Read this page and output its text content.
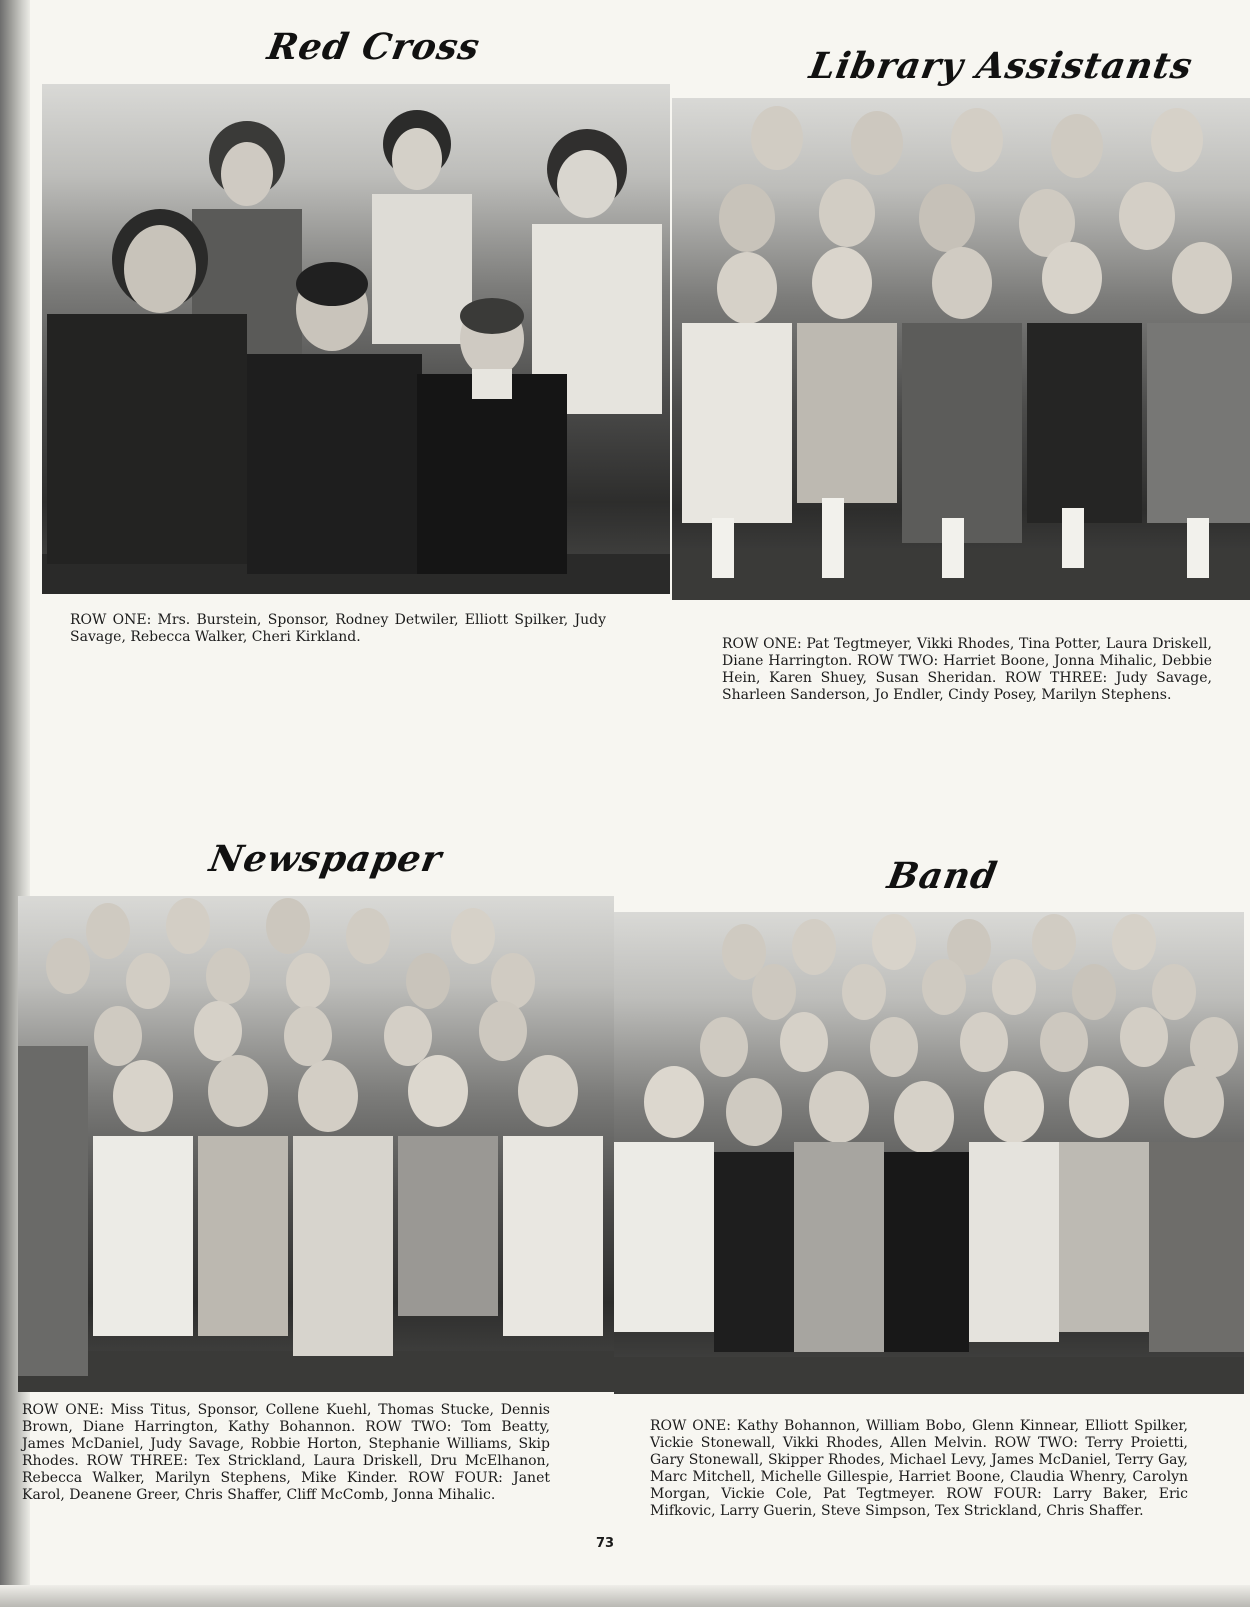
Red Cross

ROW ONE: Mrs. Burstein, Sponsor, Rodney Detwiler, Elliott Spilker, Judy Savage, Rebecca Walker, Cheri Kirkland.

Library Assistants

ROW ONE: Pat Tegtmeyer, Vikki Rhodes, Tina Potter, Laura Driskell, Diane Harrington. ROW TWO: Harriet Boone, Jonna Mihalic, Debbie Hein, Karen Shuey, Susan Sheridan. ROW THREE: Judy Savage, Sharleen Sanderson, Jo Endler, Cindy Posey, Marilyn Stephens.

Newspaper

ROW ONE: Miss Titus, Sponsor, Collene Kuehl, Thomas Stucke, Dennis Brown, Diane Harrington, Kathy Bohannon. ROW TWO: Tom Beatty, James McDaniel, Judy Savage, Robbie Horton, Stephanie Williams, Skip Rhodes. ROW THREE: Tex Strickland, Laura Driskell, Dru McElhanon, Rebecca Walker, Marilyn Stephens, Mike Kinder. ROW FOUR: Janet Karol, Deanene Greer, Chris Shaffer, Cliff McComb, Jonna Mihalic.

Band

ROW ONE: Kathy Bohannon, William Bobo, Glenn Kinnear, Elliott Spilker, Vickie Stonewall, Vikki Rhodes, Allen Melvin. ROW TWO: Terry Proietti, Gary Stonewall, Skipper Rhodes, Michael Levy, James McDaniel, Terry Gay, Marc Mitchell, Michelle Gillespie, Harriet Boone, Claudia Whenry, Carolyn Morgan, Vickie Cole, Pat Tegtmeyer. ROW FOUR: Larry Baker, Eric Mifkovic, Larry Guerin, Steve Simpson, Tex Strickland, Chris Shaffer.

73
